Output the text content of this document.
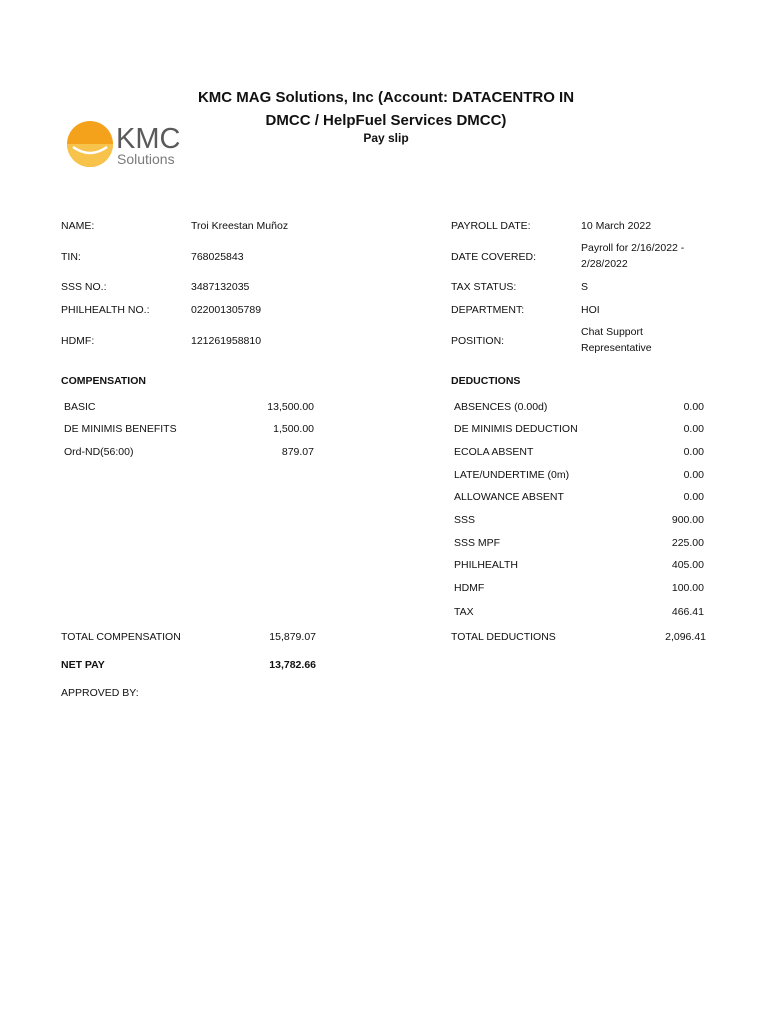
KMC MAG Solutions, Inc (Account: DATACENTRO IN
DMCC / HelpFuel Services DMCC)
Pay slip
KMC
Solutions
NAME:	Troi Kreestan Muñoz
TIN:	768025843
SSS NO.:	3487132035
PHILHEALTH NO.:	022001305789
HDMF:	121261958810
PAYROLL DATE:	10 March 2022
DATE COVERED:
Payroll for 2/16/2022 -
2/28/2022
TAX STATUS:	S
DEPARTMENT:	HOI
POSITION:
Chat Support
Representative
COMPENSATION
BASIC	13,500.00
DE MINIMIS BENEFITS	1,500.00
Ord-ND(56:00)	879.07
DEDUCTIONS
ABSENCES (0.00d)	0.00
DE MINIMIS DEDUCTION	0.00
ECOLA ABSENT	0.00
LATE/UNDERTIME (0m)	0.00
ALLOWANCE ABSENT	0.00
SSS	900.00
SSS MPF	225.00
PHILHEALTH	405.00
HDMF	100.00
TAX	466.41
TOTAL COMPENSATION	15,879.07	TOTAL DEDUCTIONS	2,096.41
NET PAY	13,782.66
APPROVED BY:
